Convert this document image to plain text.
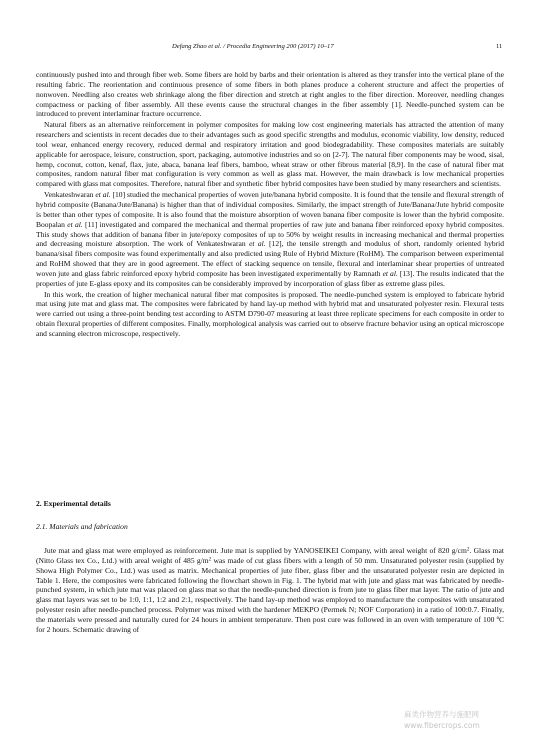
Defang Zhao et al. / Procedia Engineering 200 (2017) 10–17	11

continuously pushed into and through fiber web. Some fibers are hold by barbs and their orientation is altered as they transfer into the vertical plane of the resulting fabric. The reorientation and continuous presence of some fibers in both planes produce a coherent structure and affect the properties of nonwoven. Needling also creates web shrinkage along the fiber direction and stretch at right angles to the fiber direction. Moreover, needling changes compactness or packing of fiber assembly. All these events cause the structural changes in the fiber assembly [1]. Needle-punched system can be introduced to prevent interlaminar fracture occurrence.

Natural fibers as an alternative reinforcement in polymer composites for making low cost engineering materials has attracted the attention of many researchers and scientists in recent decades due to their advantages such as good specific strengths and modulus, economic viability, low density, reduced tool wear, enhanced energy recovery, reduced dermal and respiratory irritation and good biodegradability. These composites materials are suitably applicable for aerospace, leisure, construction, sport, packaging, automotive industries and so on [2-7]. The natural fiber components may be wood, sisal, hemp, coconut, cotton, kenaf, flax, jute, abaca, banana leaf fibers, bamboo, wheat straw or other fibrous material [8,9]. In the case of natural fiber mat composites, random natural fiber mat configuration is very common as well as glass mat. However, the main drawback is low mechanical properties compared with glass mat composites. Therefore, natural fiber and synthetic fiber hybrid composites have been studied by many researchers and scientists.

Venkateshwaran et al. [10] studied the mechanical properties of woven jute/banana hybrid composite. It is found that the tensile and flexural strength of hybrid composite (Banana/Jute/Banana) is higher than that of individual composites. Similarly, the impact strength of Jute/Banana/Jute hybrid composite is better than other types of composite. It is also found that the moisture absorption of woven banana fiber composite is lower than the hybrid composite. Boopalan et al. [11] investigated and compared the mechanical and thermal properties of raw jute and banana fiber reinforced epoxy hybrid composites. This study shows that addition of banana fiber in jute/epoxy composites of up to 50% by weight results in increasing mechanical and thermal properties and decreasing moisture absorption. The work of Venkateshwaran et al. [12], the tensile strength and modulus of short, randomly oriented hybrid banana/sisal fibers composite was found experimentally and also predicted using Rule of Hybrid Mixture (RoHM). The comparison between experimental and RoHM showed that they are in good agreement. The effect of stacking sequence on tensile, flexural and interlaminar shear properties of untreated woven jute and glass fabric reinforced epoxy hybrid composite has been investigated experimentally by Ramnath et al. [13]. The results indicated that the properties of jute E-glass epoxy and its composites can be considerably improved by incorporation of glass fiber as extreme glass piles.

In this work, the creation of higher mechanical natural fiber mat composites is proposed. The needle-punched system is employed to fabricate hybrid mat using jute mat and glass mat. The composites were fabricated by hand lay-up method with hybrid mat and unsaturated polyester resin. Flexural tests were carried out using a three-point bending test according to ASTM D790-07 measuring at least three replicate specimens for each composite in order to obtain flexural properties of different composites. Finally, morphological analysis was carried out to observe fracture behavior using an optical microscope and scanning electron microscope, respectively.

2. Experimental details
2.1. Materials and fabrication

Jute mat and glass mat were employed as reinforcement. Jute mat is supplied by YANOSEIKEI Company, with areal weight of 820 $g/cm^2$. Glass mat (Nitto Glass tex Co., Ltd.) with areal weight of 485 $g/m^2$ was made of cut glass fibers with a length of 50 mm. Unsaturated polyester resin (supplied by Showa High Polymer Co., Ltd.) was used as matrix. Mechanical properties of jute fiber, glass fiber and the unsaturated polyester resin are depicted in Table 1. Here, the composites were fabricated following the flowchart shown in Fig. 1. The hybrid mat with jute and glass mat was fabricated by needle-punched system, in which jute mat was placed on glass mat so that the needle-punched direction is from jute to glass fiber mat layer. The ratio of jute and glass mat layers was set to be 1:0, 1:1, 1:2 and 2:1, respectively. The hand lay-up method was employed to manufacture the composites with unsaturated polyester resin after needle-punched process. Polymer was mixed with the hardener MEKPO (Permek N; NOF Corporation) in a ratio of 100:0.7. Finally, the materials were pressed and naturally cured for 24 hours in ambient temperature. Then post cure was followed in an oven with temperature of 100 ºC for 2 hours. Schematic drawing of

麻类作物营养与施肥网
www.fibercrops.com
